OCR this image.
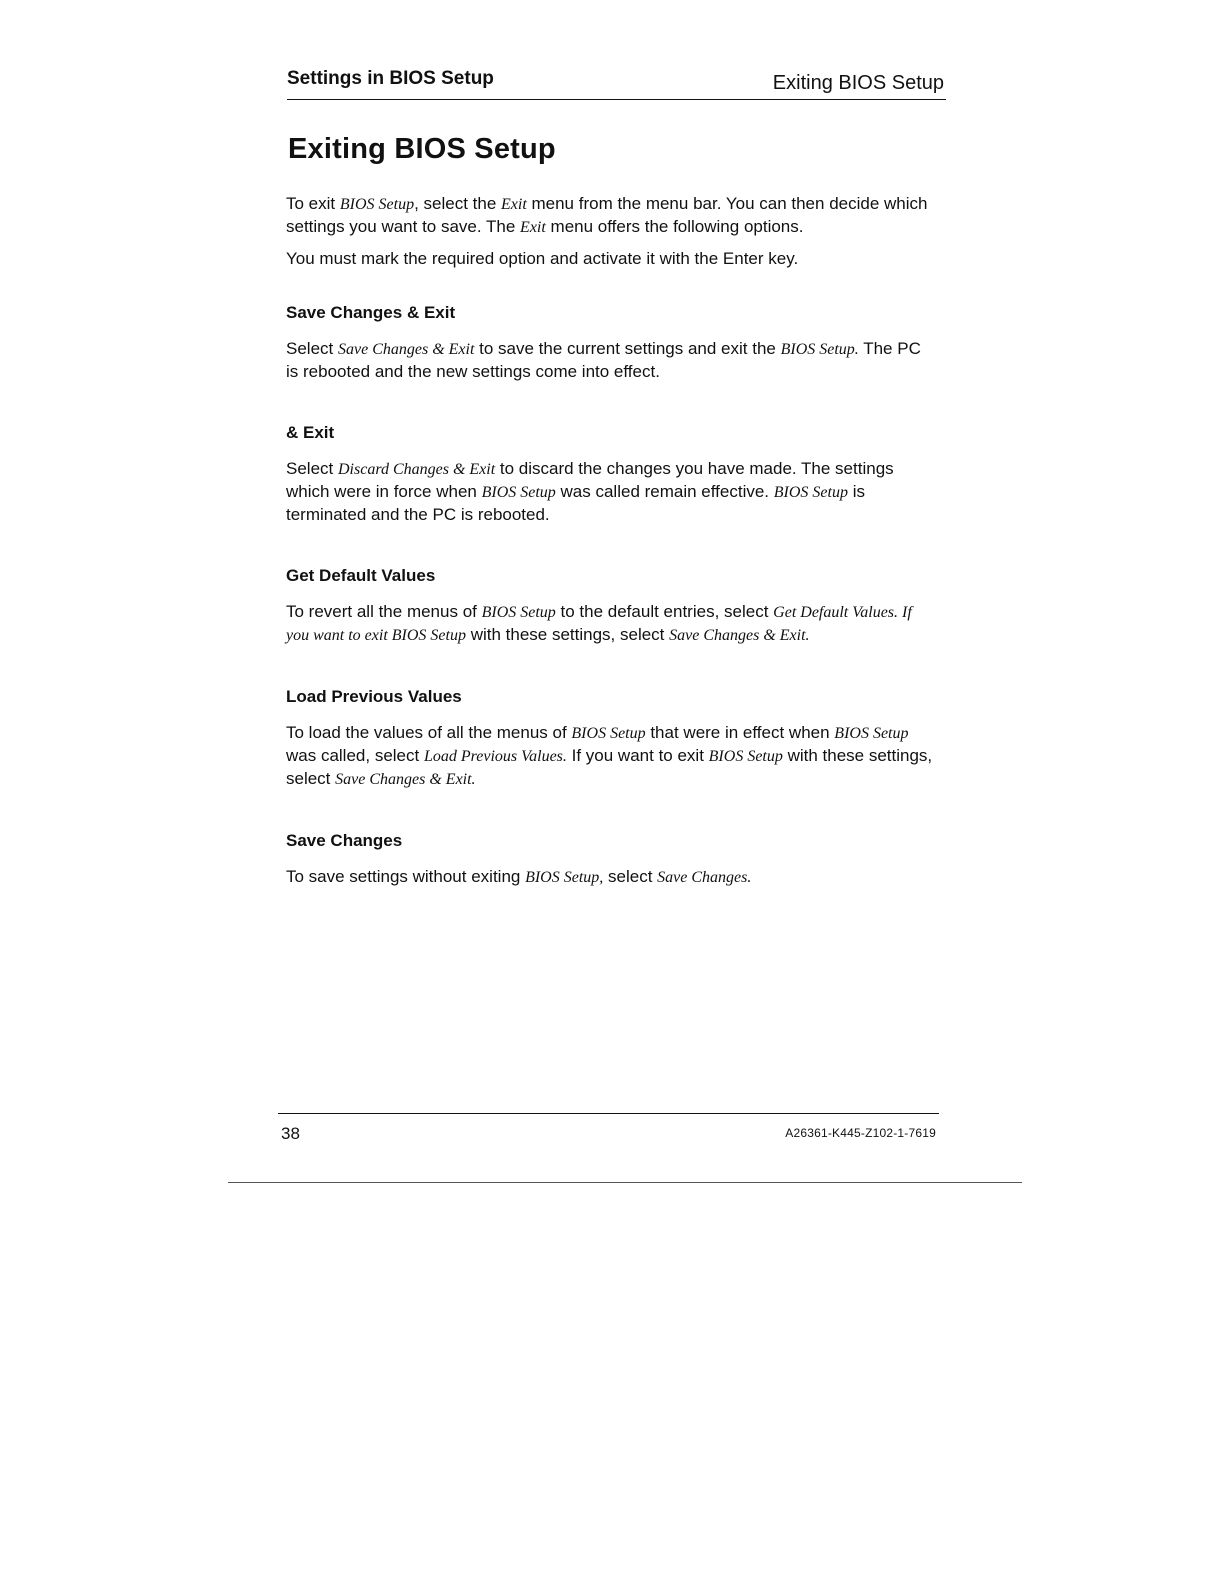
Settings in BIOS Setup	Exiting BIOS Setup
Exiting BIOS Setup

To exit BIOS Setup, select the Exit menu from the menu bar. You can then decide which settings you want to save. The Exit menu offers the following options.

You must mark the required option and activate it with the Enter key.

Save Changes & Exit

Select Save Changes & Exit to save the current settings and exit the BIOS Setup. The PC is rebooted and the new settings come into effect.

& Exit

Select Discard Changes & Exit to discard the changes you have made. The settings which were in force when BIOS Setup was called remain effective. BIOS Setup is terminated and the PC is rebooted.

Get Default Values

To revert all the menus of BIOS Setup to the default entries, select Get Default Values. If you want to exit BIOS Setup with these settings, select Save Changes & Exit.

Load Previous Values

To load the values of all the menus of BIOS Setup that were in effect when BIOS Setup was called, select Load Previous Values. If you want to exit BIOS Setup with these settings, select Save Changes & Exit.

Save Changes

To save settings without exiting BIOS Setup, select Save Changes.

38	A26361-K445-Z102-1-7619
